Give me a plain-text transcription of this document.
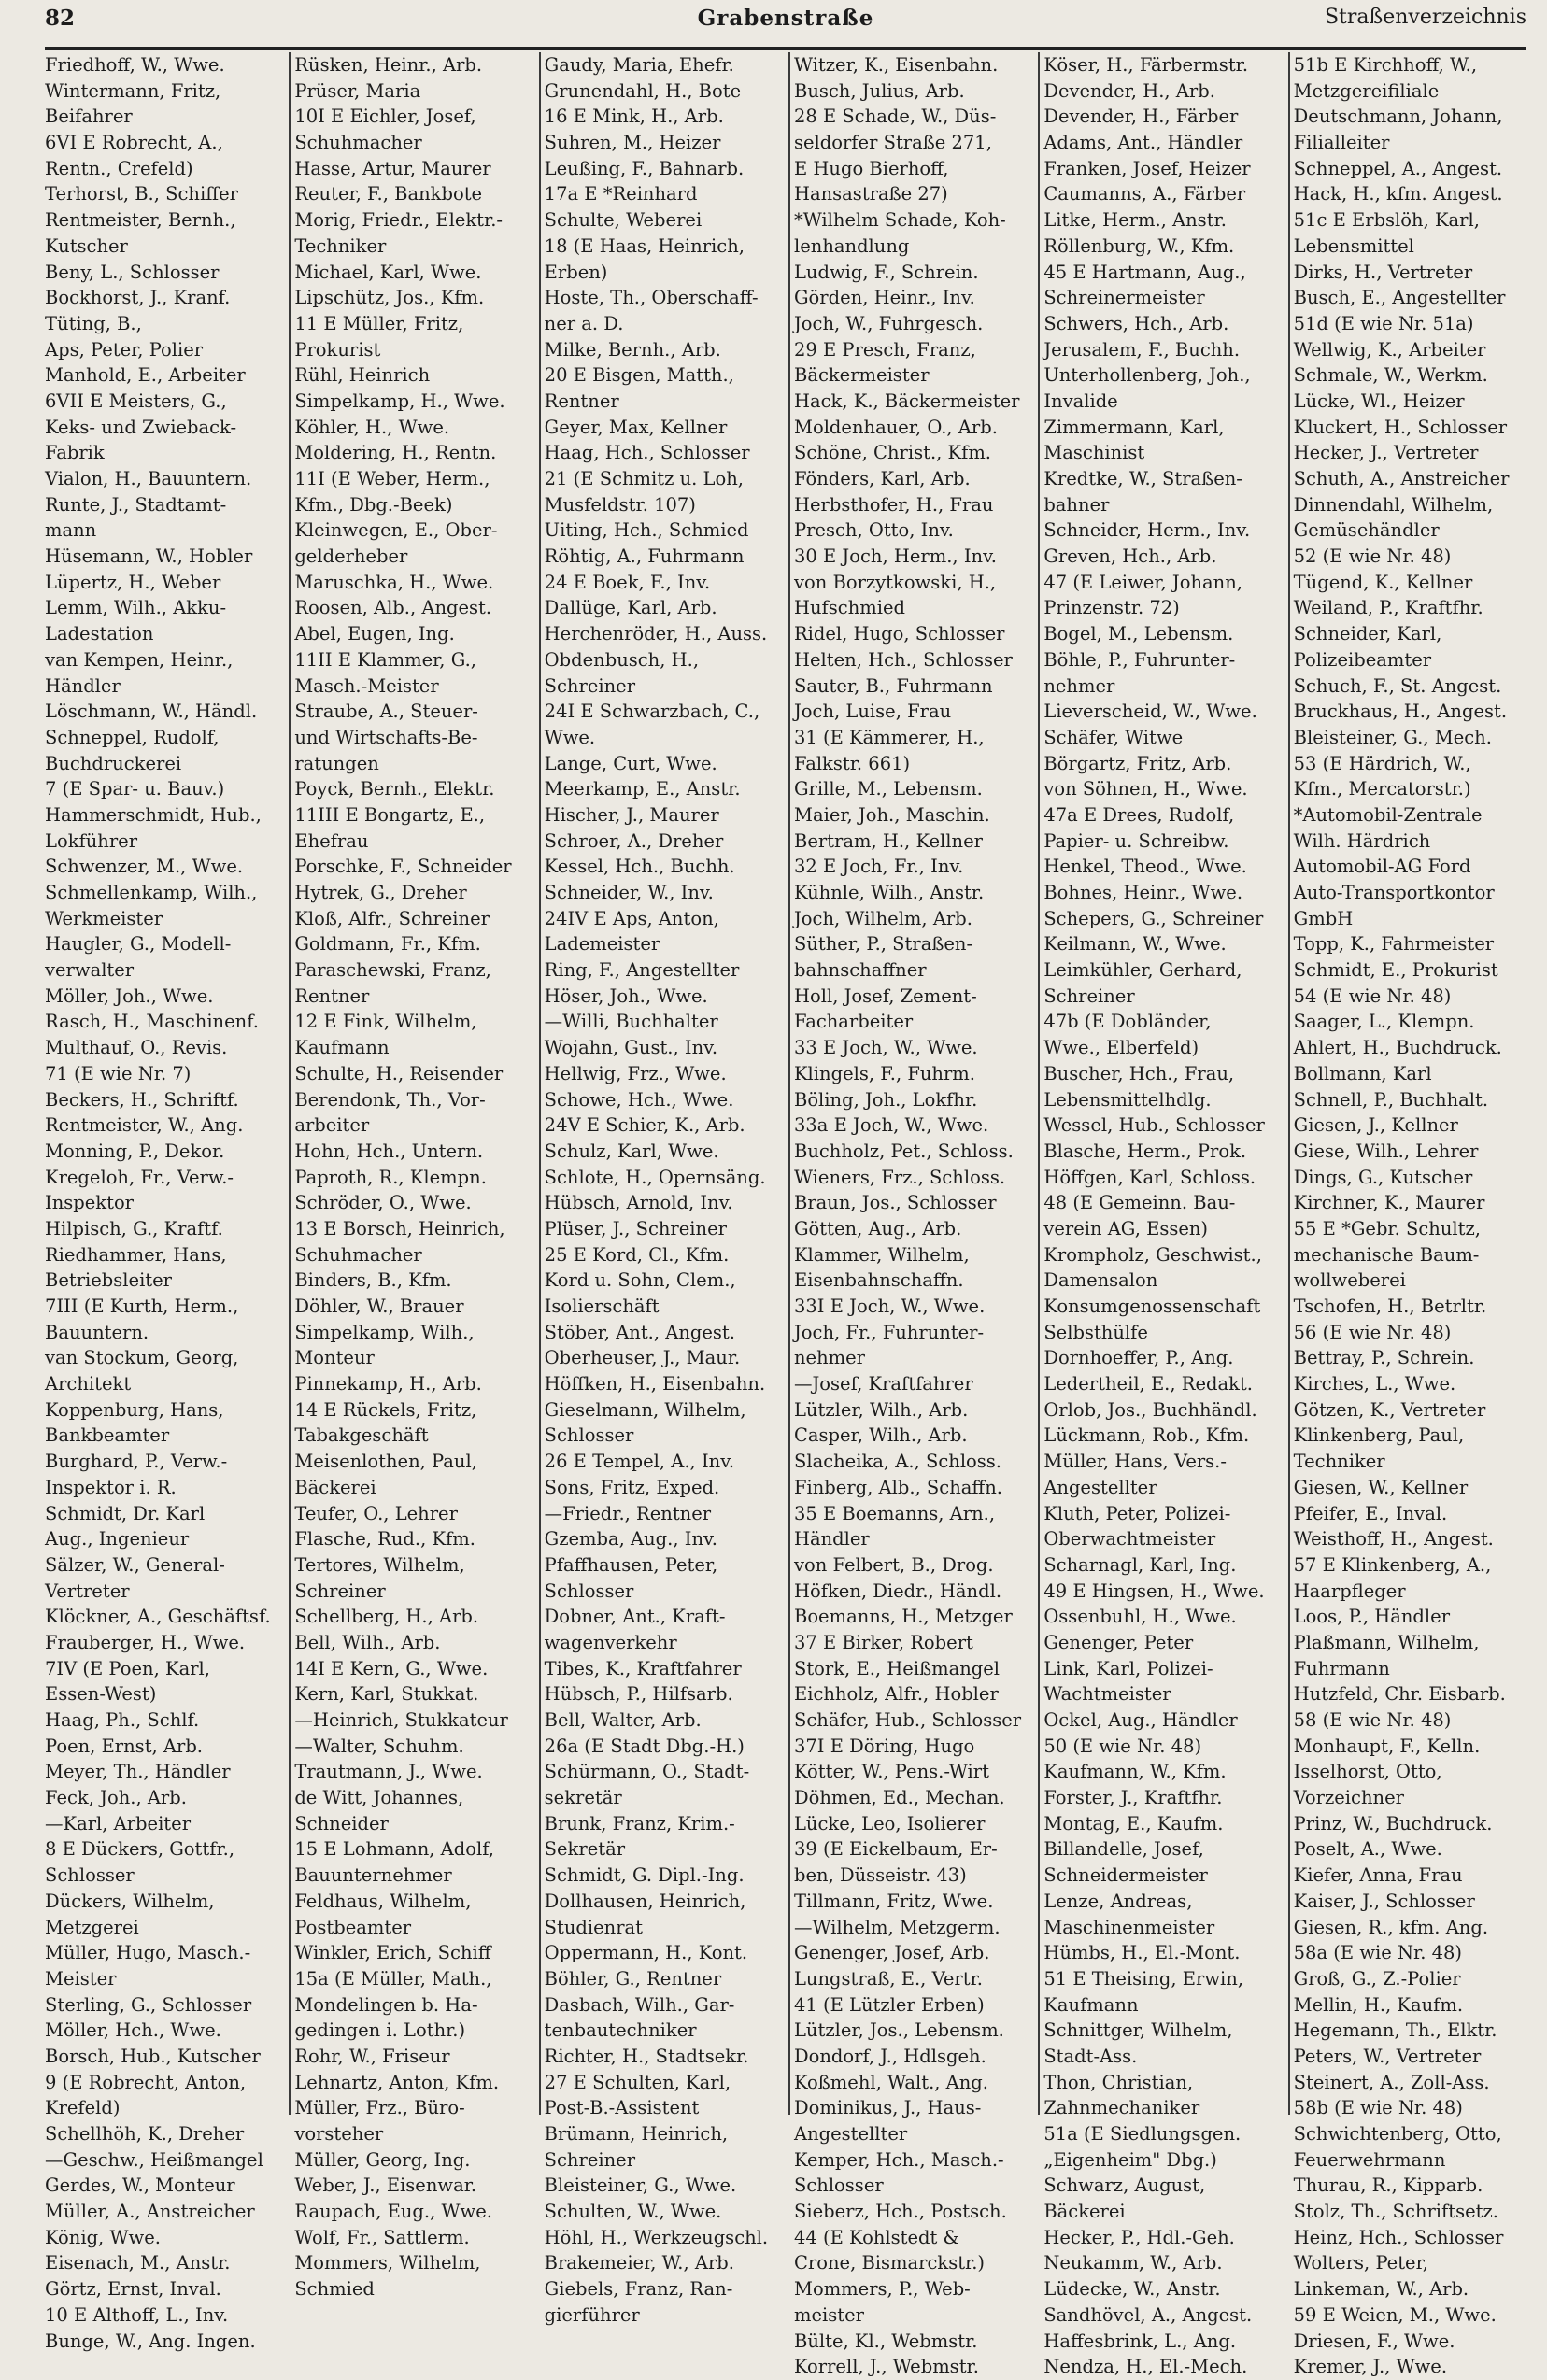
82	Grabenstraße	Straßenverzeichnis
Friedhoff, W., Wwe.
Wintermann, Fritz,
Beifahrer
6VI E Robrecht, A.,
Rentn., Crefeld)
Terhorst, B., Schiffer
Rentmeister, Bernh.,
Kutscher
Beny, L., Schlosser
Bockhorst, J., Kranf.
Tüting, B.,
Aps, Peter, Polier
Manhold, E., Arbeiter
6VII E Meisters, G.,
Keks- und Zwieback-
Fabrik
Vialon, H., Bauuntern.
Runte, J., Stadtamt-
mann
Hüsemann, W., Hobler
Lüpertz, H., Weber
Lemm, Wilh., Akku-
Ladestation
van Kempen, Heinr.,
Händler
Löschmann, W., Händl.
Schneppel, Rudolf,
Buchdruckerei
7 (E Spar- u. Bauv.)
Hammerschmidt, Hub.,
Lokführer
Schwenzer, M., Wwe.
Schmellenkamp, Wilh.,
Werkmeister
Haugler, G., Modell-
verwalter
Möller, Joh., Wwe.
Rasch, H., Maschinenf.
Multhauf, O., Revis.
71 (E wie Nr. 7)
Beckers, H., Schriftf.
Rentmeister, W., Ang.
Monning, P., Dekor.
Kregeloh, Fr., Verw.-
Inspektor
Hilpisch, G., Kraftf.
Riedhammer, Hans,
Betriebsleiter
7III (E Kurth, Herm.,
Bauuntern.
van Stockum, Georg,
Architekt
Koppenburg, Hans,
Bankbeamter
Burghard, P., Verw.-
Inspektor i. R.
Schmidt, Dr. Karl
Aug., Ingenieur
Sälzer, W., General-
Vertreter
Klöckner, A., Geschäftsf.
Frauberger, H., Wwe.
7IV (E Poen, Karl,
Essen-West)
Haag, Ph., Schlf.
Poen, Ernst, Arb.
Meyer, Th., Händler
Feck, Joh., Arb.
—Karl, Arbeiter
8 E Dückers, Gottfr.,
Schlosser
Dückers, Wilhelm,
Metzgerei
Müller, Hugo, Masch.-
Meister
Sterling, G., Schlosser
Möller, Hch., Wwe.
Borsch, Hub., Kutscher
9 (E Robrecht, Anton,
Krefeld)
Schellhöh, K., Dreher
—Geschw., Heißmangel
Gerdes, W., Monteur
Müller, A., Anstreicher
König, Wwe.
Eisenach, M., Anstr.
Görtz, Ernst, Inval.
10 E Althoff, L., Inv.
Bunge, W., Ang. Ingen.
Rüsken, Heinr., Arb.
Prüser, Maria
10I E Eichler, Josef,
Schuhmacher
Hasse, Artur, Maurer
Reuter, F., Bankbote
Morig, Friedr., Elektr.-
Techniker
Michael, Karl, Wwe.
Lipschütz, Jos., Kfm.
11 E Müller, Fritz,
Prokurist
Rühl, Heinrich
Simpelkamp, H., Wwe.
Köhler, H., Wwe.
Moldering, H., Rentn.
11I (E Weber, Herm.,
Kfm., Dbg.-Beek)
Kleinwegen, E., Ober-
gelderheber
Maruschka, H., Wwe.
Roosen, Alb., Angest.
Abel, Eugen, Ing.
11II E Klammer, G.,
Masch.-Meister
Straube, A., Steuer-
und Wirtschafts-Be-
ratungen
Poyck, Bernh., Elektr.
11III E Bongartz, E.,
Ehefrau
Porschke, F., Schneider
Hytrek, G., Dreher
Kloß, Alfr., Schreiner
Goldmann, Fr., Kfm.
Paraschewski, Franz,
Rentner
12 E Fink, Wilhelm,
Kaufmann
Schulte, H., Reisender
Berendonk, Th., Vor-
arbeiter
Hohn, Hch., Untern.
Paproth, R., Klempn.
Schröder, O., Wwe.
13 E Borsch, Heinrich,
Schuhmacher
Binders, B., Kfm.
Döhler, W., Brauer
Simpelkamp, Wilh.,
Monteur
Pinnekamp, H., Arb.
14 E Rückels, Fritz,
Tabakgeschäft
Meisenlothen, Paul,
Bäckerei
Teufer, O., Lehrer
Flasche, Rud., Kfm.
Tertores, Wilhelm,
Schreiner
Schellberg, H., Arb.
Bell, Wilh., Arb.
14I E Kern, G., Wwe.
Kern, Karl, Stukkat.
—Heinrich, Stukkateur
—Walter, Schuhm.
Trautmann, J., Wwe.
de Witt, Johannes,
Schneider
15 E Lohmann, Adolf,
Bauunternehmer
Feldhaus, Wilhelm,
Postbeamter
Winkler, Erich, Schiff
15a (E Müller, Math.,
Mondelingen b. Ha-
gedingen i. Lothr.)
Rohr, W., Friseur
Lehnartz, Anton, Kfm.
Müller, Frz., Büro-
vorsteher
Müller, Georg, Ing.
Weber, J., Eisenwar.
Raupach, Eug., Wwe.
Wolf, Fr., Sattlerm.
Mommers, Wilhelm,
Schmied
Gaudy, Maria, Ehefr.
Grunendahl, H., Bote
16 E Mink, H., Arb.
Suhren, M., Heizer
Leußing, F., Bahnarb.
17a E *Reinhard
Schulte, Weberei
18 (E Haas, Heinrich,
Erben)
Hoste, Th., Oberschaff-
ner a. D.
Milke, Bernh., Arb.
20 E Bisgen, Matth.,
Rentner
Geyer, Max, Kellner
Haag, Hch., Schlosser
21 (E Schmitz u. Loh,
Musfeldstr. 107)
Uiting, Hch., Schmied
Röhtig, A., Fuhrmann
24 E Boek, F., Inv.
Dallüge, Karl, Arb.
Herchenröder, H., Auss.
Obdenbusch, H.,
Schreiner
24I E Schwarzbach, C.,
Wwe.
Lange, Curt, Wwe.
Meerkamp, E., Anstr.
Hischer, J., Maurer
Schroer, A., Dreher
Kessel, Hch., Buchh.
Schneider, W., Inv.
24IV E Aps, Anton,
Lademeister
Ring, F., Angestellter
Höser, Joh., Wwe.
—Willi, Buchhalter
Wojahn, Gust., Inv.
Hellwig, Frz., Wwe.
Schowe, Hch., Wwe.
24V E Schier, K., Arb.
Schulz, Karl, Wwe.
Schlote, H., Opernsäng.
Hübsch, Arnold, Inv.
Plüser, J., Schreiner
25 E Kord, Cl., Kfm.
Kord u. Sohn, Clem.,
Isolierschäft
Stöber, Ant., Angest.
Oberheuser, J., Maur.
Höffken, H., Eisenbahn.
Gieselmann, Wilhelm,
Schlosser
26 E Tempel, A., Inv.
Sons, Fritz, Exped.
—Friedr., Rentner
Gzemba, Aug., Inv.
Pfaffhausen, Peter,
Schlosser
Dobner, Ant., Kraft-
wagenverkehr
Tibes, K., Kraftfahrer
Hübsch, P., Hilfsarb.
Bell, Walter, Arb.
26a (E Stadt Dbg.-H.)
Schürmann, O., Stadt-
sekretär
Brunk, Franz, Krim.-
Sekretär
Schmidt, G. Dipl.-Ing.
Dollhausen, Heinrich,
Studienrat
Oppermann, H., Kont.
Böhler, G., Rentner
Dasbach, Wilh., Gar-
tenbautechniker
Richter, H., Stadtsekr.
27 E Schulten, Karl,
Post-B.-Assistent
Brümann, Heinrich,
Schreiner
Bleisteiner, G., Wwe.
Schulten, W., Wwe.
Höhl, H., Werkzeugschl.
Brakemeier, W., Arb.
Giebels, Franz, Ran-
gierführer
Witzer, K., Eisenbahn.
Busch, Julius, Arb.
28 E Schade, W., Düs-
seldorfer Straße 271,
E Hugo Bierhoff,
Hansastraße 27)
*Wilhelm Schade, Koh-
lenhandlung
Ludwig, F., Schrein.
Görden, Heinr., Inv.
Joch, W., Fuhrgesch.
29 E Presch, Franz,
Bäckermeister
Hack, K., Bäckermeister
Moldenhauer, O., Arb.
Schöne, Christ., Kfm.
Fönders, Karl, Arb.
Herbsthofer, H., Frau
Presch, Otto, Inv.
30 E Joch, Herm., Inv.
von Borzytkowski, H.,
Hufschmied
Ridel, Hugo, Schlosser
Helten, Hch., Schlosser
Sauter, B., Fuhrmann
Joch, Luise, Frau
31 (E Kämmerer, H.,
Falkstr. 661)
Grille, M., Lebensm.
Maier, Joh., Maschin.
Bertram, H., Kellner
32 E Joch, Fr., Inv.
Kühnle, Wilh., Anstr.
Joch, Wilhelm, Arb.
Süther, P., Straßen-
bahnschaffner
Holl, Josef, Zement-
Facharbeiter
33 E Joch, W., Wwe.
Klingels, F., Fuhrm.
Böling, Joh., Lokfhr.
33a E Joch, W., Wwe.
Buchholz, Pet., Schloss.
Wieners, Frz., Schloss.
Braun, Jos., Schlosser
Götten, Aug., Arb.
Klammer, Wilhelm,
Eisenbahnschaffn.
33I E Joch, W., Wwe.
Joch, Fr., Fuhrunter-
nehmer
—Josef, Kraftfahrer
Lützler, Wilh., Arb.
Casper, Wilh., Arb.
Slacheika, A., Schloss.
Finberg, Alb., Schaffn.
35 E Boemanns, Arn.,
Händler
von Felbert, B., Drog.
Höfken, Diedr., Händl.
Boemanns, H., Metzger
37 E Birker, Robert
Stork, E., Heißmangel
Eichholz, Alfr., Hobler
Schäfer, Hub., Schlosser
37I E Döring, Hugo
Kötter, W., Pens.-Wirt
Döhmen, Ed., Mechan.
Lücke, Leo, Isolierer
39 (E Eickelbaum, Er-
ben, Düsseistr. 43)
Tillmann, Fritz, Wwe.
—Wilhelm, Metzgerm.
Genenger, Josef, Arb.
Lungstraß, E., Vertr.
41 (E Lützler Erben)
Lützler, Jos., Lebensm.
Dondorf, J., Hdlsgeh.
Koßmehl, Walt., Ang.
Dominikus, J., Haus-
Angestellter
Kemper, Hch., Masch.-
Schlosser
Sieberz, Hch., Postsch.
44 (E Kohlstedt &
Crone, Bismarckstr.)
Mommers, P., Web-
meister
Bülte, Kl., Webmstr.
Korrell, J., Webmstr.
Köser, H., Färbermstr.
Devender, H., Arb.
Devender, H., Färber
Adams, Ant., Händler
Franken, Josef, Heizer
Caumanns, A., Färber
Litke, Herm., Anstr.
Röllenburg, W., Kfm.
45 E Hartmann, Aug.,
Schreinermeister
Schwers, Hch., Arb.
Jerusalem, F., Buchh.
Unterhollenberg, Joh.,
Invalide
Zimmermann, Karl,
Maschinist
Kredtke, W., Straßen-
bahner
Schneider, Herm., Inv.
Greven, Hch., Arb.
47 (E Leiwer, Johann,
Prinzenstr. 72)
Bogel, M., Lebensm.
Böhle, P., Fuhrunter-
nehmer
Lieverscheid, W., Wwe.
Schäfer, Witwe
Börgartz, Fritz, Arb.
von Söhnen, H., Wwe.
47a E Drees, Rudolf,
Papier- u. Schreibw.
Henkel, Theod., Wwe.
Bohnes, Heinr., Wwe.
Schepers, G., Schreiner
Keilmann, W., Wwe.
Leimkühler, Gerhard,
Schreiner
47b (E Dobländer,
Wwe., Elberfeld)
Buscher, Hch., Frau,
Lebensmittelhdlg.
Wessel, Hub., Schlosser
Blasche, Herm., Prok.
Höffgen, Karl, Schloss.
48 (E Gemeinn. Bau-
verein AG, Essen)
Krompholz, Geschwist.,
Damensalon
Konsumgenossenschaft
Selbsthülfe
Dornhoeffer, P., Ang.
Ledertheil, E., Redakt.
Orlob, Jos., Buchhändl.
Lückmann, Rob., Kfm.
Müller, Hans, Vers.-
Angestellter
Kluth, Peter, Polizei-
Oberwachtmeister
Scharnagl, Karl, Ing.
49 E Hingsen, H., Wwe.
Ossenbuhl, H., Wwe.
Genenger, Peter
Link, Karl, Polizei-
Wachtmeister
Ockel, Aug., Händler
50 (E wie Nr. 48)
Kaufmann, W., Kfm.
Forster, J., Kraftfhr.
Montag, E., Kaufm.
Billandelle, Josef,
Schneidermeister
Lenze, Andreas,
Maschinenmeister
Hümbs, H., El.-Mont.
51 E Theising, Erwin,
Kaufmann
Schnittger, Wilhelm,
Stadt-Ass.
Thon, Christian,
Zahnmechaniker
51a (E Siedlungsgen.
„Eigenheim" Dbg.)
Schwarz, August,
Bäckerei
Hecker, P., Hdl.-Geh.
Neukamm, W., Arb.
Lüdecke, W., Anstr.
Sandhövel, A., Angest.
Haffesbrink, L., Ang.
Nendza, H., El.-Mech.
51b E Kirchhoff, W.,
Metzgereifiliale
Deutschmann, Johann,
Filialleiter
Schneppel, A., Angest.
Hack, H., kfm. Angest.
51c E Erbslöh, Karl,
Lebensmittel
Dirks, H., Vertreter
Busch, E., Angestellter
51d (E wie Nr. 51a)
Wellwig, K., Arbeiter
Schmale, W., Werkm.
Lücke, Wl., Heizer
Kluckert, H., Schlosser
Hecker, J., Vertreter
Schuth, A., Anstreicher
Dinnendahl, Wilhelm,
Gemüsehändler
52 (E wie Nr. 48)
Tügend, K., Kellner
Weiland, P., Kraftfhr.
Schneider, Karl,
Polizeibeamter
Schuch, F., St. Angest.
Bruckhaus, H., Angest.
Bleisteiner, G., Mech.
53 (E Härdrich, W.,
Kfm., Mercatorstr.)
*Automobil-Zentrale
Wilh. Härdrich
Automobil-AG Ford
Auto-Transportkontor
GmbH
Topp, K., Fahrmeister
Schmidt, E., Prokurist
54 (E wie Nr. 48)
Saager, L., Klempn.
Ahlert, H., Buchdruck.
Bollmann, Karl
Schnell, P., Buchhalt.
Giesen, J., Kellner
Giese, Wilh., Lehrer
Dings, G., Kutscher
Kirchner, K., Maurer
55 E *Gebr. Schultz,
mechanische Baum-
wollweberei
Tschofen, H., Betrltr.
56 (E wie Nr. 48)
Bettray, P., Schrein.
Kirches, L., Wwe.
Götzen, K., Vertreter
Klinkenberg, Paul,
Techniker
Giesen, W., Kellner
Pfeifer, E., Inval.
Weisthoff, H., Angest.
57 E Klinkenberg, A.,
Haarpfleger
Loos, P., Händler
Plaßmann, Wilhelm,
Fuhrmann
Hutzfeld, Chr. Eisbarb.
58 (E wie Nr. 48)
Monhaupt, F., Kelln.
Isselhorst, Otto,
Vorzeichner
Prinz, W., Buchdruck.
Poselt, A., Wwe.
Kiefer, Anna, Frau
Kaiser, J., Schlosser
Giesen, R., kfm. Ang.
58a (E wie Nr. 48)
Groß, G., Z.-Polier
Mellin, H., Kaufm.
Hegemann, Th., Elktr.
Peters, W., Vertreter
Steinert, A., Zoll-Ass.
58b (E wie Nr. 48)
Schwichtenberg, Otto,
Feuerwehrmann
Thurau, R., Kipparb.
Stolz, Th., Schriftsetz.
Heinz, Hch., Schlosser
Wolters, Peter,
Linkeman, W., Arb.
59 E Weien, M., Wwe.
Driesen, F., Wwe.
Kremer, J., Wwe.
